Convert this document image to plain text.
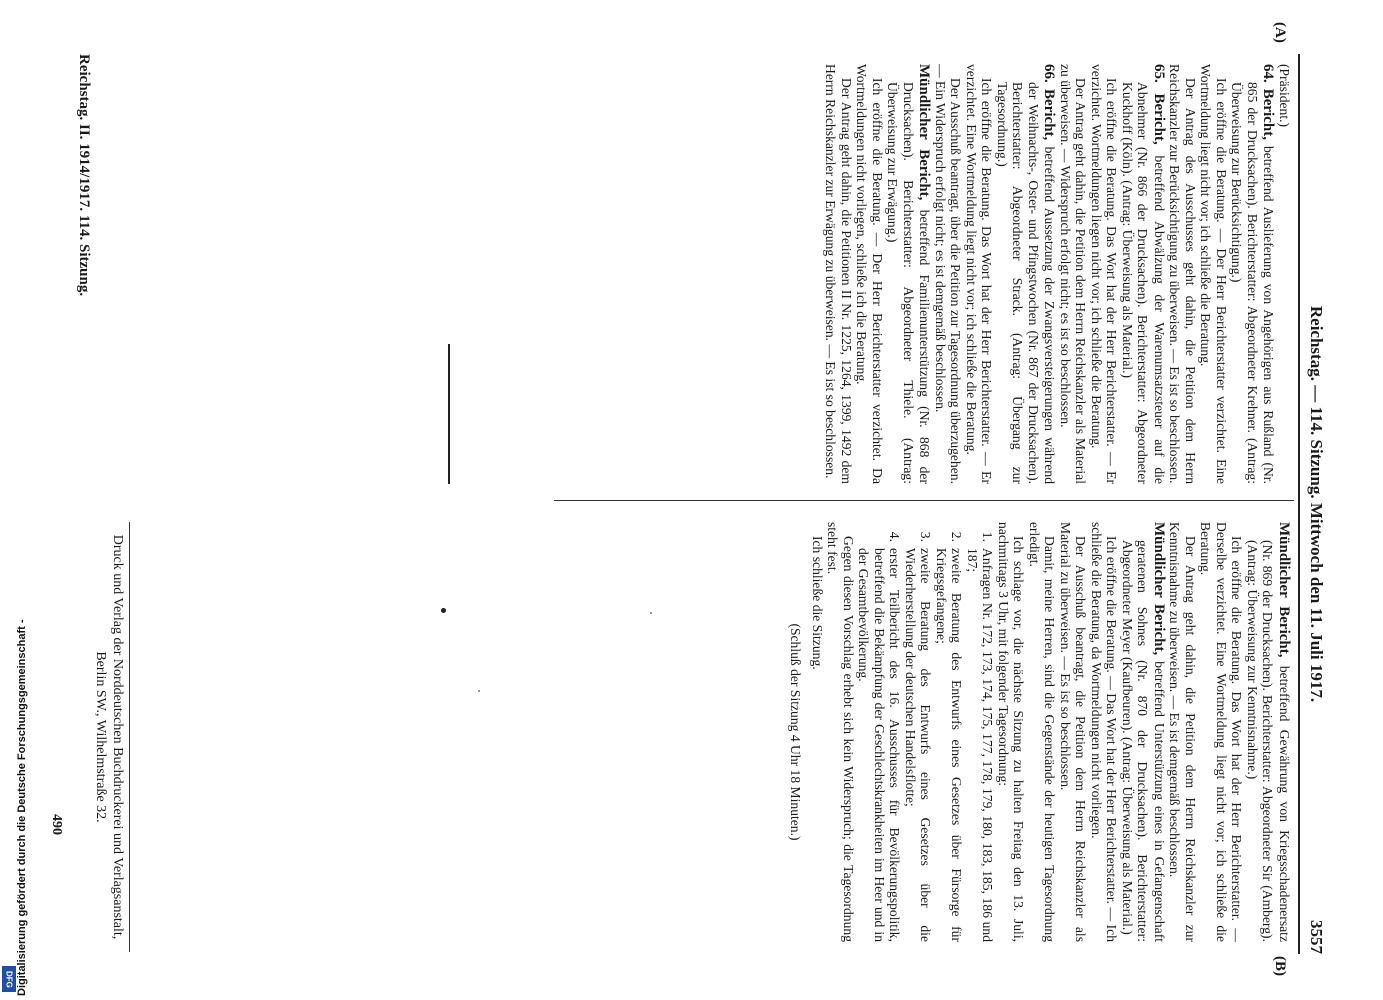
Reichstag. — 114. Sitzung. Mittwoch den 11. Juli 1917.
3557
(A)
(B)

(Präsident.)

64. Bericht, betreffend Auslieferung von Angehörigen aus Rußland (Nr. 865 der Drucksachen). Berichterstatter: Abgeordneter Krehner. (Antrag: Überweisung zur Berücksichtigung.)

Ich eröffne die Beratung. — Der Herr Berichterstatter verzichtet. Eine Wortmeldung liegt nicht vor; ich schließe die Beratung.

Der Antrag des Ausschusses geht dahin, die Petition dem Herrn Reichskanzler zur Berücksichtigung zu überweisen. — Es ist so beschlossen.

65. Bericht, betreffend Abwälzung der Warenumsatzsteuer auf die Abnehmer (Nr. 866 der Drucksachen). Berichterstatter: Abgeordneter Kuckhoff (Köln). (Antrag: Überweisung als Material.)

Ich eröffne die Beratung. Das Wort hat der Herr Berichterstatter. — Er verzichtet. Wortmeldungen liegen nicht vor; ich schließe die Beratung.

Der Antrag geht dahin, die Petition dem Herrn Reichskanzler als Material zu überweisen. — Widerspruch erfolgt nicht; es ist so beschlossen.

66. Bericht, betreffend Aussetzung der Zwangsversteigerungen während der Weihnachts-, Oster- und Pfingstwochen (Nr. 867 der Drucksachen). Berichterstatter: Abgeordneter Strack. (Antrag: Übergang zur Tagesordnung.)

Ich eröffne die Beratung. Das Wort hat der Herr Berichterstatter. — Er verzichtet. Eine Wortmeldung liegt nicht vor; ich schließe die Beratung.

Der Ausschuß beantragt, über die Petition zur Tagesordnung überzugehen. — Ein Widerspruch erfolgt nicht; es ist demgemäß beschlossen.

Mündlicher Bericht, betreffend Familienunterstützung (Nr. 868 der Drucksachen). Berichterstatter: Abgeordneter Thiele. (Antrag: Überweisung zur Erwägung.)

Ich eröffne die Beratung. — Der Herr Berichterstatter verzichtet. Da Wortmeldungen nicht vorliegen, schließe ich die Beratung.

Der Antrag geht dahin, die Petitionen II Nr. 1225, 1264, 1399, 1492 dem Herrn Reichskanzler zur Erwägung zu überweisen. — Es ist so beschlossen.

Mündlicher Bericht, betreffend Gewährung von Kriegsschadenersatz (Nr. 869 der Drucksachen). Berichterstatter: Abgeordneter Sir (Amberg). (Antrag: Überweisung zur Kenntnisnahme.)

Ich eröffne die Beratung. Das Wort hat der Herr Berichterstatter. — Derselbe verzichtet. Eine Wortmeldung liegt nicht vor; ich schließe die Beratung.

Der Antrag geht dahin, die Petition dem Herrn Reichskanzler zur Kenntnisnahme zu überweisen. — Es ist demgemäß beschlossen.

Mündlicher Bericht, betreffend Unterstützung eines in Gefangenschaft geratenen Sohnes (Nr. 870 der Drucksachen). Berichterstatter: Abgeordneter Meyer (Kaufbeuren). (Antrag: Überweisung als Material.)

Ich eröffne die Beratung. — Das Wort hat der Herr Berichterstatter. — Ich schließe die Beratung, da Wortmeldungen nicht vorliegen.

Der Ausschuß beantragt, die Petition dem Herrn Reichskanzler als Material zu überweisen. — Es ist so beschlossen.

Damit, meine Herren, sind die Gegenstände der heutigen Tagesordnung erledigt.

Ich schlage vor, die nächste Sitzung zu halten Freitag den 13. Juli, nachmittags 3 Uhr, mit folgender Tagesordnung:

1.
Anfragen Nr. 172, 173, 174, 175, 177, 178, 179, 180, 183, 185, 186 und 187;
2.
zweite Beratung des Entwurfs eines Gesetzes über Fürsorge für Kriegsgefangene;
3.
zweite Beratung des Entwurfs eines Gesetzes über die Wiederherstellung der deutschen Handelsflotte;
4.
erster Teilbericht des 16. Ausschusses für Bevölkerungspolitik, betreffend die Bekämpfung der Geschlechtskrankheiten im Heer und in der Gesamtbevölkerung.

Gegen diesen Vorschlag erhebt sich kein Widerspruch; die Tagesordnung steht fest.

Ich schließe die Sitzung.

(Schluß der Sitzung 4 Uhr 18 Minuten.)

Reichstag. II. 1914/1917. 114. Sitzung.
Druck und Verlag der Norddeutschen Buchdruckerei und Verlagsanstalt,
Berlin SW., Wilhelmstraße 32.
490
DFG Digitalisierung gefördert durch die Deutsche Forschungsgemeinschaft -
